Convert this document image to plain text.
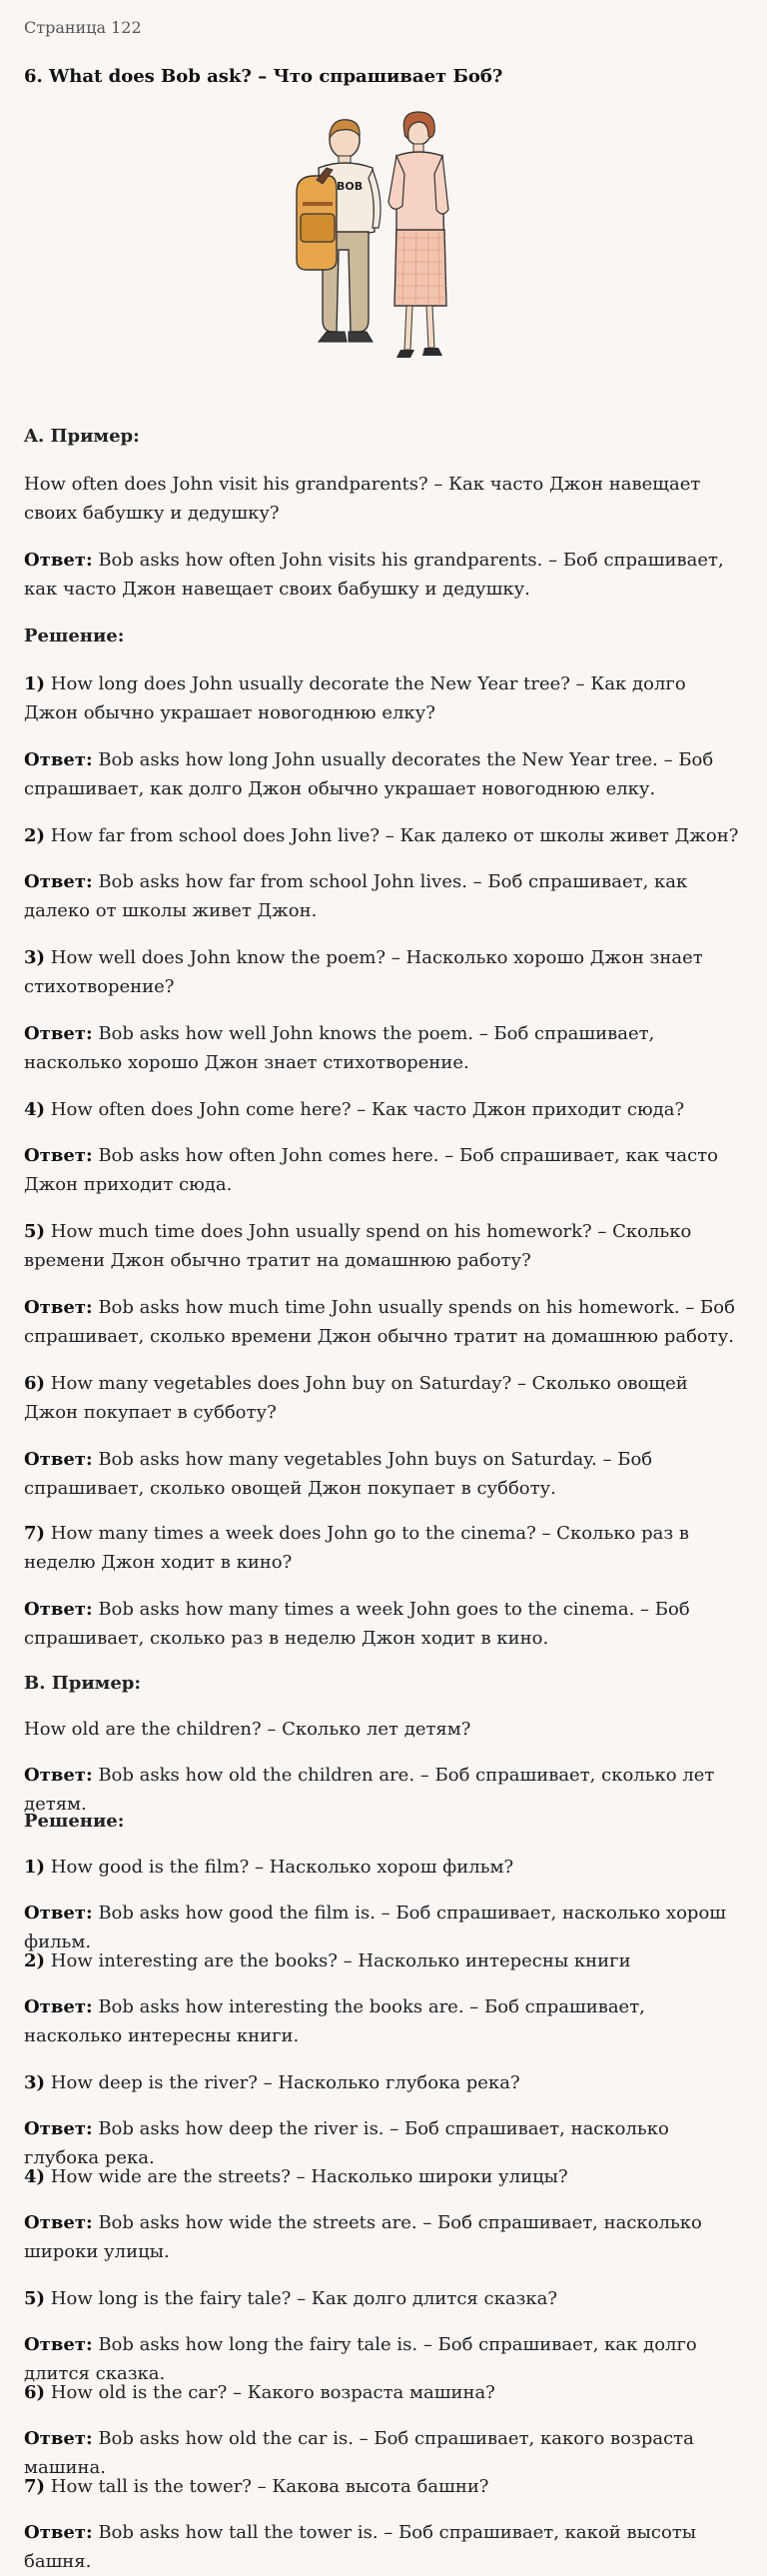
Страница 122
6. What does Bob ask? – Что спрашивает Боб?
BOB

A. Пример:

How often does John visit his grandparents? – Как часто Джон навещает своих бабушку и дедушку?

Ответ: Bob asks how often John visits his grandparents. – Боб спрашивает, как часто Джон навещает своих бабушку и дедушку.

Решение:

1) How long does John usually decorate the New Year tree? – Как долго Джон обычно украшает новогоднюю елку?

Ответ: Bob asks how long John usually decorates the New Year tree. – Боб спрашивает, как долго Джон обычно украшает новогоднюю елку.

2) How far from school does John live? – Как далеко от школы живет Джон?

Ответ: Bob asks how far from school John lives. – Боб спрашивает, как далеко от школы живет Джон.

3) How well does John know the poem? – Насколько хорошо Джон знает стихотворение?

Ответ: Bob asks how well John knows the poem. – Боб спрашивает, насколько хорошо Джон знает стихотворение.

4) How often does John come here? – Как часто Джон приходит сюда?

Ответ: Bob asks how often John comes here. – Боб спрашивает, как часто Джон приходит сюда.

5) How much time does John usually spend on his homework? – Сколько времени Джон обычно тратит на домашнюю работу?

Ответ: Bob asks how much time John usually spends on his homework. – Боб спрашивает, сколько времени Джон обычно тратит на домашнюю работу.

6) How many vegetables does John buy on Saturday? – Сколько овощей Джон покупает в субботу?

Ответ: Bob asks how many vegetables John buys on Saturday. – Боб спрашивает, сколько овощей Джон покупает в субботу.

7) How many times a week does John go to the cinema? – Сколько раз в неделю Джон ходит в кино?

Ответ: Bob asks how many times a week John goes to the cinema. – Боб спрашивает, сколько раз в неделю Джон ходит в кино.

B. Пример:

How old are the children? – Сколько лет детям?

Ответ: Bob asks how old the children are. – Боб спрашивает, сколько лет детям.

Решение:

1) How good is the film? – Насколько хорош фильм?

Ответ: Bob asks how good the film is. – Боб спрашивает, насколько хорош фильм.

2) How interesting are the books? – Насколько интересны книги

Ответ: Bob asks how interesting the books are. – Боб спрашивает, насколько интересны книги.

3) How deep is the river? – Насколько глубока река?

Ответ: Bob asks how deep the river is. – Боб спрашивает, насколько глубока река.

4) How wide are the streets? – Насколько широки улицы?

Ответ: Bob asks how wide the streets are. – Боб спрашивает, насколько широки улицы.

5) How long is the fairy tale? – Как долго длится сказка?

Ответ: Bob asks how long the fairy tale is. – Боб спрашивает, как долго длится сказка.

6) How old is the car? – Какого возраста машина?

Ответ: Bob asks how old the car is. – Боб спрашивает, какого возраста машина.

7) How tall is the tower? – Какова высота башни?

Ответ: Bob asks how tall the tower is. – Боб спрашивает, какой высоты башня.
